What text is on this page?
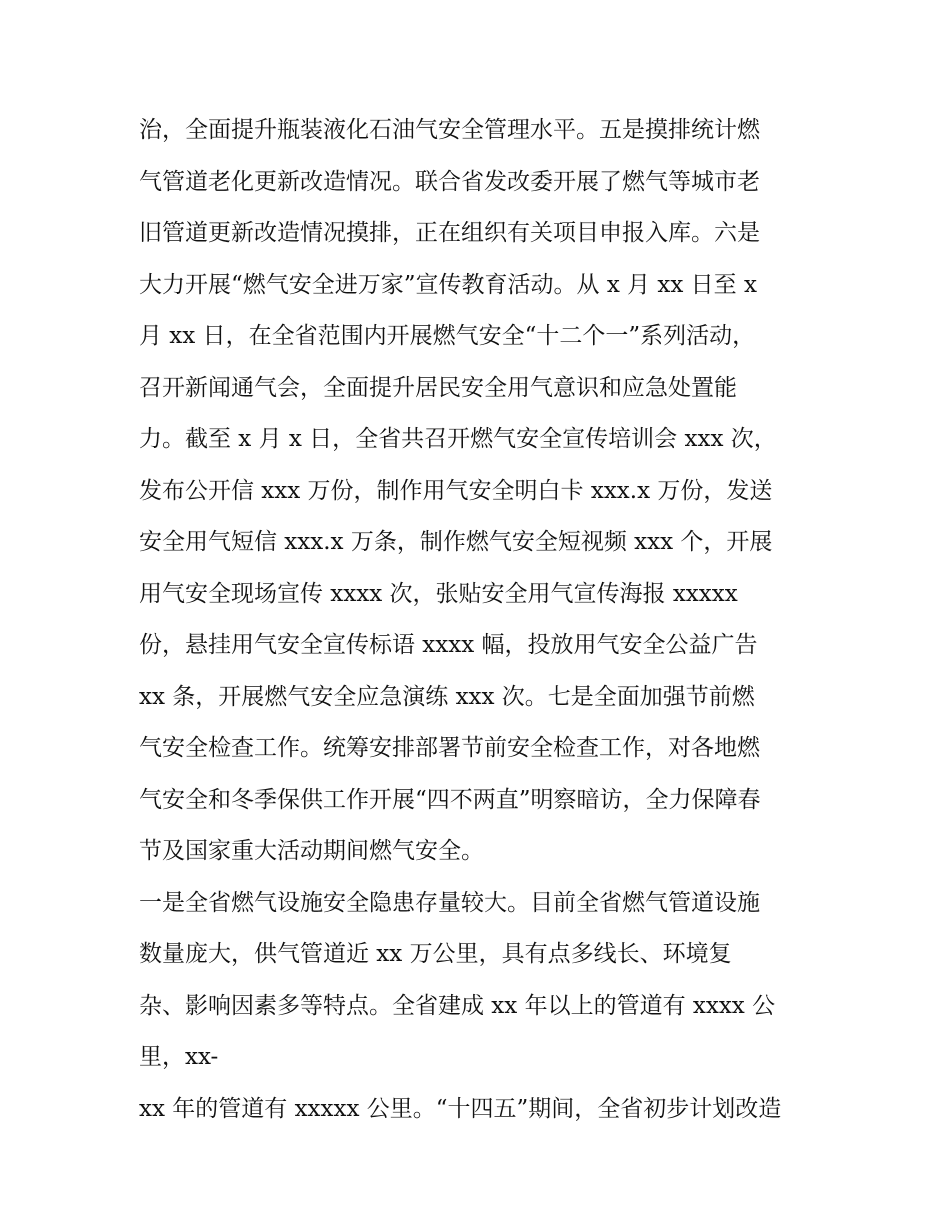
治，全面提升瓶装液化石油气安全管理水平。五是摸排统计燃
气管道老化更新改造情况。联合省发改委开展了燃气等城市老
旧管道更新改造情况摸排，正在组织有关项目申报入库。六是
大力开展“燃气安全进万家”宣传教育活动。从 x 月 xx 日至 x
月 xx 日，在全省范围内开展燃气安全“十二个一”系列活动，
召开新闻通气会，全面提升居民安全用气意识和应急处置能
力。截至 x 月 x 日，全省共召开燃气安全宣传培训会 xxx 次，
发布公开信 xxx 万份，制作用气安全明白卡 xxx.x 万份，发送
安全用气短信 xxx.x 万条，制作燃气安全短视频 xxx 个，开展
用气安全现场宣传 xxxx 次，张贴安全用气宣传海报 xxxxx
份，悬挂用气安全宣传标语 xxxx 幅，投放用气安全公益广告
xx 条，开展燃气安全应急演练 xxx 次。七是全面加强节前燃
气安全检查工作。统筹安排部署节前安全检查工作，对各地燃
气安全和冬季保供工作开展“四不两直”明察暗访，全力保障春
节及国家重大活动期间燃气安全。
一是全省燃气设施安全隐患存量较大。目前全省燃气管道设施
数量庞大，供气管道近 xx 万公里，具有点多线长、环境复
杂、影响因素多等特点。全省建成 xx 年以上的管道有 xxxx 公
里，xx-
xx 年的管道有 xxxxx 公里。“十四五”期间，全省初步计划改造
